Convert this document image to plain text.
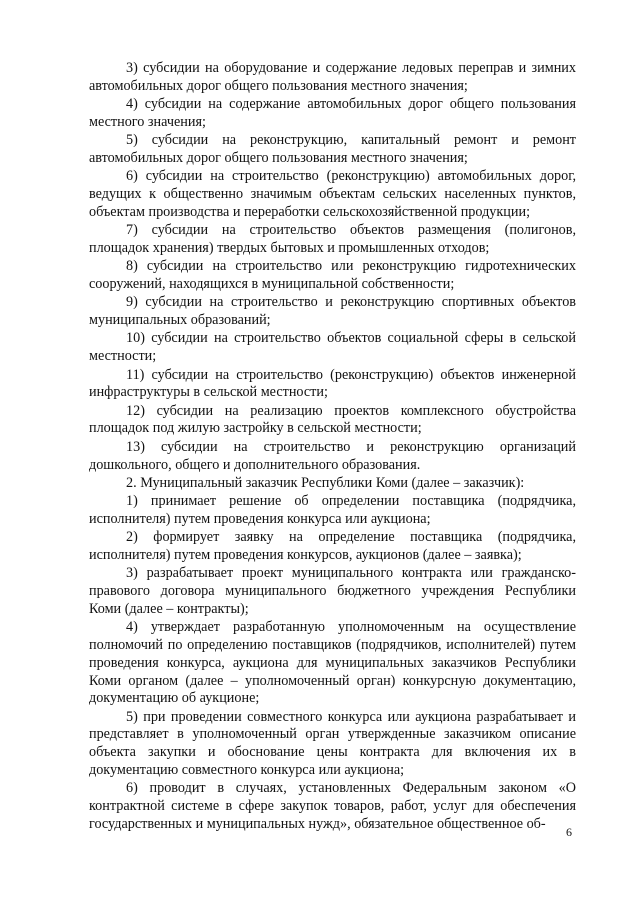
3) субсидии на оборудование и содержание ледовых переправ и зимних автомобильных дорог общего пользования местного значения;

4) субсидии на содержание автомобильных дорог общего пользования местного значения;

5) субсидии на реконструкцию, капитальный ремонт и ремонт автомобильных дорог общего пользования местного значения;

6) субсидии на строительство (реконструкцию) автомобильных дорог, ведущих к общественно значимым объектам сельских населенных пунктов, объектам производства и переработки сельскохозяйственной продукции;

7) субсидии на строительство объектов размещения (полигонов, площадок хранения) твердых бытовых и промышленных отходов;

8) субсидии на строительство или реконструкцию гидротехнических сооружений, находящихся в муниципальной собственности;

9) субсидии на строительство и реконструкцию спортивных объектов муниципальных образований;

10) субсидии на строительство объектов социальной сферы в сельской местности;

11) субсидии на строительство (реконструкцию) объектов инженерной инфраструктуры в сельской местности;

12) субсидии на реализацию проектов комплексного обустройства площадок под жилую застройку в сельской местности;

13) субсидии на строительство и реконструкцию организаций дошкольного, общего и дополнительного образования.

2. Муниципальный заказчик Республики Коми (далее – заказчик):

1) принимает решение об определении поставщика (подрядчика, исполнителя) путем проведения конкурса или аукциона;

2) формирует заявку на определение поставщика (подрядчика, исполнителя) путем проведения конкурсов, аукционов (далее – заявка);

3) разрабатывает проект муниципального контракта или гражданско-правового договора муниципального бюджетного учреждения Республики Коми (далее – контракты);

4) утверждает разработанную уполномоченным на осуществление полномочий по определению поставщиков (подрядчиков, исполнителей) путем проведения конкурса, аукциона для муниципальных заказчиков Республики Коми органом (далее – уполномоченный орган) конкурсную документацию, документацию об аукционе;

5) при проведении совместного конкурса или аукциона разрабатывает и представляет в уполномоченный орган утвержденные заказчиком описание объекта закупки и обоснование цены контракта для включения их в документацию совместного конкурса или аукциона;

6) проводит в случаях, установленных Федеральным законом «О контрактной системе в сфере закупок товаров, работ, услуг для обеспечения государственных и муниципальных нужд», обязательное общественное об-

6
